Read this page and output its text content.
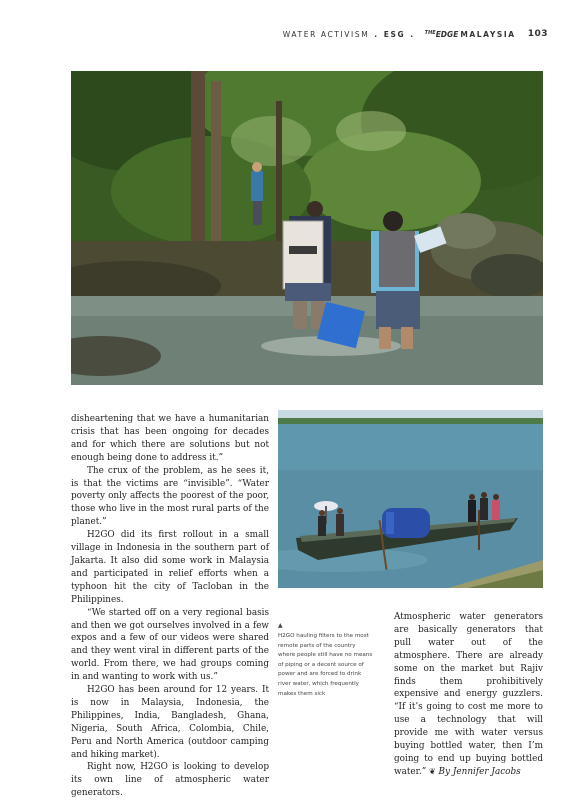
WATER ACTIVISM . ESG . $^{THE}$EDGE MALAYSIA 103

disheartening that we have a humanitarian crisis that has been ongoing for decades and for which there are solutions but not enough being done to address it.”

The crux of the problem, as he sees it, is that the victims are “invisible”. “Water poverty only affects the poorest of the poor, those who live in the most rural parts of the planet.”

H2GO did its first rollout in a small village in Indonesia in the southern part of Jakarta. It also did some work in Malaysia and participated in relief efforts when a typhoon hit the city of Tacloban in the Philippines.

“We started off on a very regional basis and then we got ourselves involved in a few expos and a few of our videos were shared and they went viral in different parts of the world. From there, we had groups coming in and wanting to work with us.”

H2GO has been around for 12 years. It is now in Malaysia, Indonesia, the Philippines, India, Bangladesh, Ghana, Nigeria, South Africa, Colombia, Chile, Peru and North America (outdoor camping and hiking market).

Right now, H2GO is looking to develop its own line of atmospheric water generators.

▲
H2GO hauling filters to the most remote parts of the country where people still have no means of piping or a decent source of power and are forced to drink river water, which frequently makes them sick

Atmospheric water generators are basically generators that pull water out of the atmosphere. There are already some on the market but Rajiv finds them prohibitively expensive and energy guzzlers. “If it’s going to cost me more to use a technology that will provide me with water versus buying bottled water, then I’m going to end up buying bottled water.” ❦ By Jennifer Jacobs
